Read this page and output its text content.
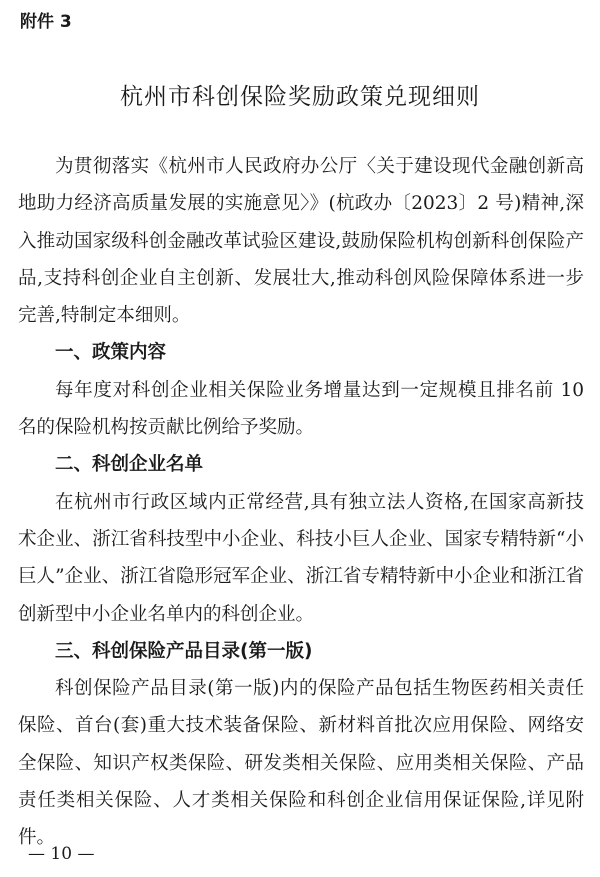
附件 3
杭州市科创保险奖励政策兑现细则

为贯彻落实《杭州市人民政府办公厅〈关于建设现代金融创新高地助力经济高质量发展的实施意见〉》(杭政办〔2023〕2 号)精神,深入推动国家级科创金融改革试验区建设,鼓励保险机构创新科创保险产品,支持科创企业自主创新、发展壮大,推动科创风险保障体系进一步完善,特制定本细则。

一、政策内容

每年度对科创企业相关保险业务增量达到一定规模且排名前 10 名的保险机构按贡献比例给予奖励。

二、科创企业名单

在杭州市行政区域内正常经营,具有独立法人资格,在国家高新技术企业、浙江省科技型中小企业、科技小巨人企业、国家专精特新“小巨人”企业、浙江省隐形冠军企业、浙江省专精特新中小企业和浙江省创新型中小企业名单内的科创企业。

三、科创保险产品目录(第一版)

科创保险产品目录(第一版)内的保险产品包括生物医药相关责任保险、首台(套)重大技术装备保险、新材料首批次应用保险、网络安全保险、知识产权类保险、研发类相关保险、应用类相关保险、产品责任类相关保险、人才类相关保险和科创企业信用保证保险,详见附件。

— 10 —
